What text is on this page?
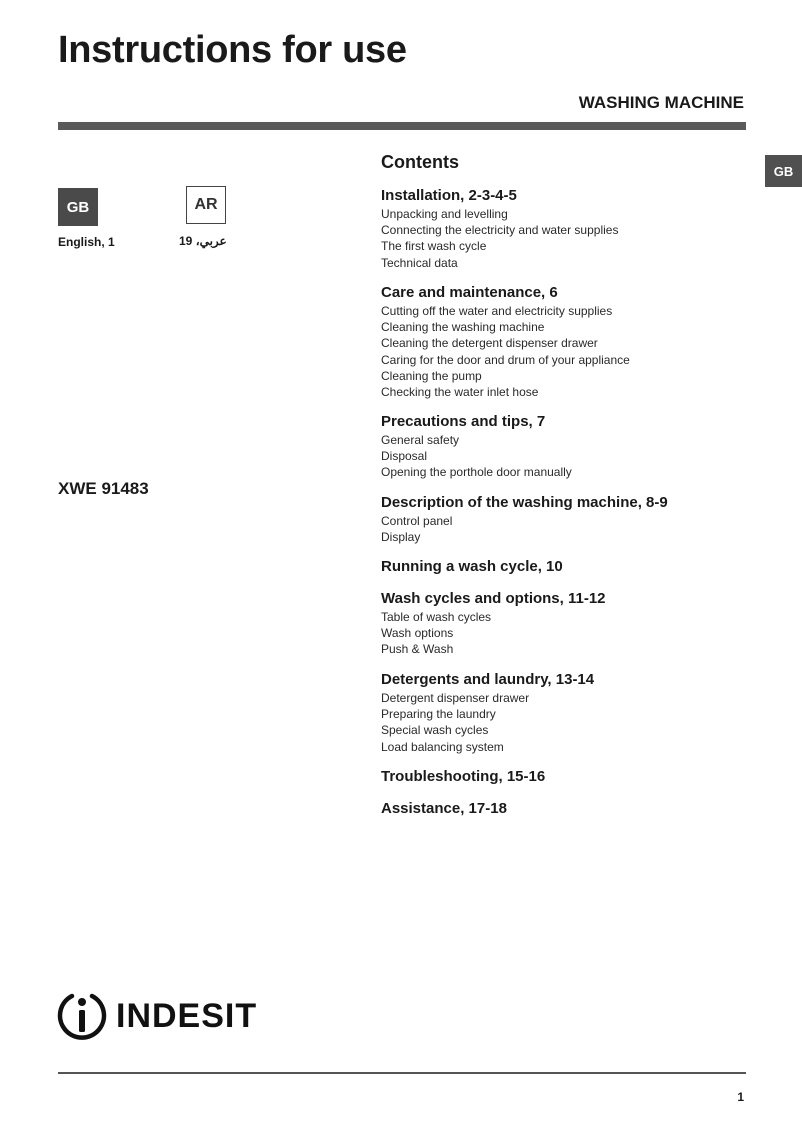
Instructions for use
WASHING MACHINE
GB
GB
English, 1
AR
عربي، 19
XWE 91483
Contents
Installation, 2-3-4-5
Unpacking and levelling
Connecting the electricity and water supplies
The first wash cycle
Technical data
Care and maintenance, 6
Cutting off the water and electricity supplies
Cleaning the washing machine
Cleaning the detergent dispenser drawer
Caring for the door and drum of your appliance
Cleaning the pump
Checking the water inlet hose
Precautions and tips, 7
General safety
Disposal
Opening the porthole door manually
Description of the washing machine, 8-9
Control panel
Display
Running a wash cycle, 10
Wash cycles and options, 11-12
Table of wash cycles
Wash options
Push & Wash
Detergents and laundry, 13-14
Detergent dispenser drawer
Preparing the laundry
Special wash cycles
Load balancing system
Troubleshooting, 15-16
Assistance, 17-18
INDESIT
1
